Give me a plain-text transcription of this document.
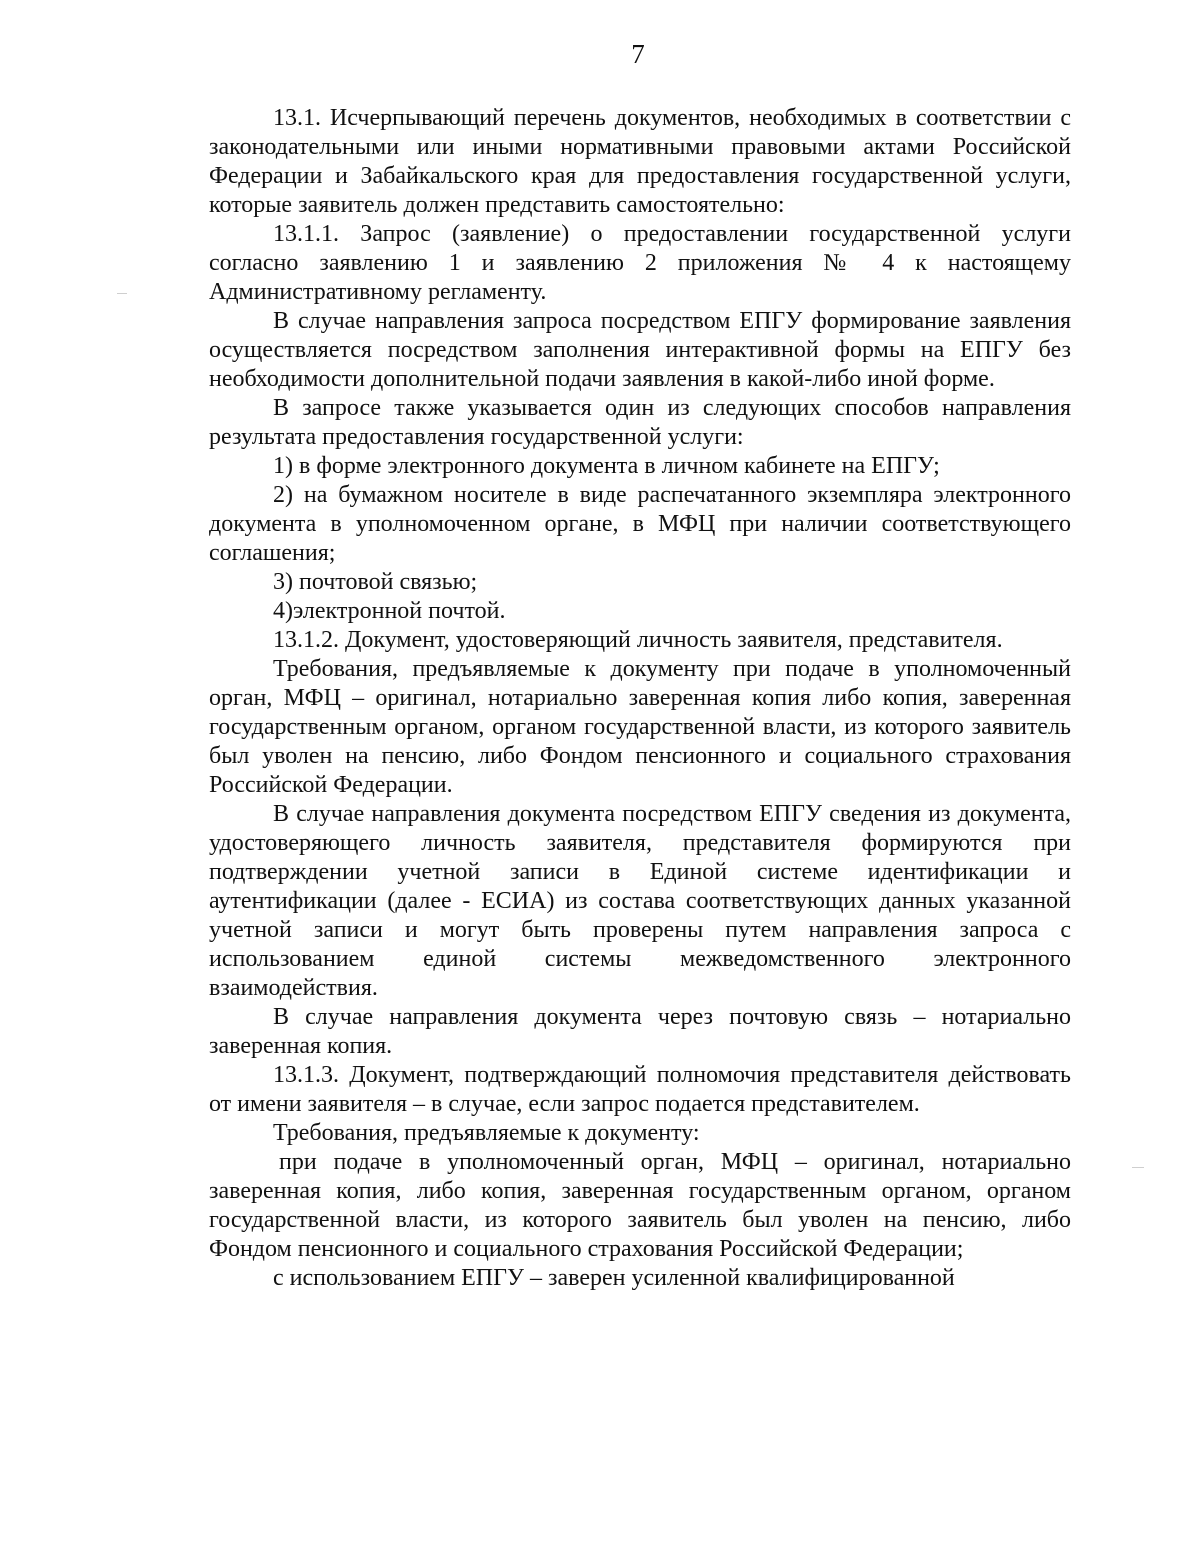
7

13.1. Исчерпывающий перечень документов, необходимых в соответствии с законодательными или иными нормативными правовыми актами Российской Федерации и Забайкальского края для предоставления государственной услуги, которые заявитель должен представить самостоятельно:

13.1.1. Запрос (заявление) о предоставлении государственной услуги согласно заявлению 1 и заявлению 2 приложения № 4 к настоящему Административному регламенту.

В случае направления запроса посредством ЕПГУ формирование заявления осуществляется посредством заполнения интерактивной формы на ЕПГУ без необходимости дополнительной подачи заявления в какой-либо иной форме.

В запросе также указывается один из следующих способов направления результата предоставления государственной услуги:

1) в форме электронного документа в личном кабинете на ЕПГУ;

2) на бумажном носителе в виде распечатанного экземпляра электронного документа в уполномоченном органе, в МФЦ при наличии соответствующего соглашения;

3) почтовой связью;

4)электронной почтой.

13.1.2. Документ, удостоверяющий личность заявителя, представителя.

Требования, предъявляемые к документу при подаче в уполномоченный орган, МФЦ – оригинал, нотариально заверенная копия либо копия, заверенная государственным органом, органом государственной власти, из которого заявитель был уволен на пенсию, либо Фондом пенсионного и социального страхования Российской Федерации.

В случае направления документа посредством ЕПГУ сведения из документа, удостоверяющего личность заявителя, представителя формируются при подтверждении учетной записи в Единой системе идентификации и аутентификации (далее - ЕСИА) из состава соответствующих данных указанной учетной записи и могут быть проверены путем направления запроса с использованием единой системы межведомственного электронного взаимодействия.

В случае направления документа через почтовую связь – нотариально заверенная копия.

13.1.3. Документ, подтверждающий полномочия представителя действовать от имени заявителя – в случае, если запрос подается представителем.

Требования, предъявляемые к документу:

при подаче в уполномоченный орган, МФЦ – оригинал, нотариально заверенная копия, либо копия, заверенная государственным органом, органом государственной власти, из которого заявитель был уволен на пенсию, либо Фондом пенсионного и социального страхования Российской Федерации;

с использованием ЕПГУ – заверен усиленной квалифицированной
